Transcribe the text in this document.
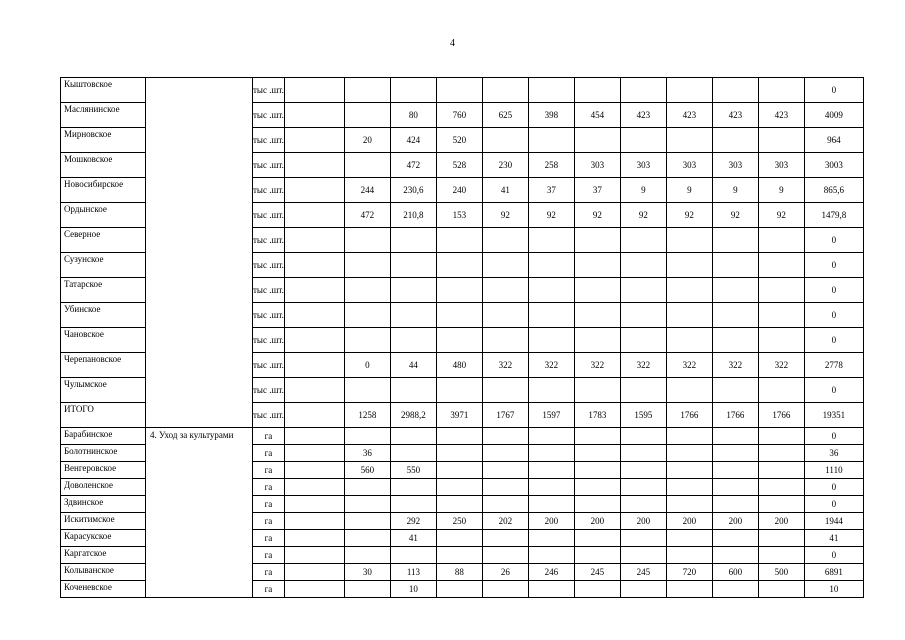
4
Кыштовское		тыс .шт.												0
Маслянинское		тыс .шт.			80	760	625	398	454	423	423	423	423	4009
Мирновское		тыс .шт.		20	424	520								964
Мошковское		тыс .шт.			472	528	230	258	303	303	303	303	303	3003
Новосибирское		тыс .шт.		244	230,6	240	41	37	37	9	9	9	9	865,6
Ордынское		тыс .шт.		472	210,8	153	92	92	92	92	92	92	92	1479,8
Северное		тыс .шт.												0
Сузунское		тыс .шт.												0
Татарское		тыс .шт.												0
Убинское		тыс .шт.												0
Чановское		тыс .шт.												0
Черепановское		тыс .шт.		0	44	480	322	322	322	322	322	322	322	2778
Чулымское		тыс .шт.												0
ИТОГО		тыс .шт.		1258	2988,2	3971	1767	1597	1783	1595	1766	1766	1766	19351
Барабинское	4. Уход за культурами	га												0
Болотнинское		га		36										36
Венгеровское		га		560	550									1110
Доволенское		га												0
Здвинское		га												0
Искитимское		га			292	250	202	200	200	200	200	200	200	1944
Карасукское		га			41									41
Каргатское		га												0
Колыванское		га		30	113	88	26	246	245	245	720	600	500	6891
Коченевское		га			10									10
